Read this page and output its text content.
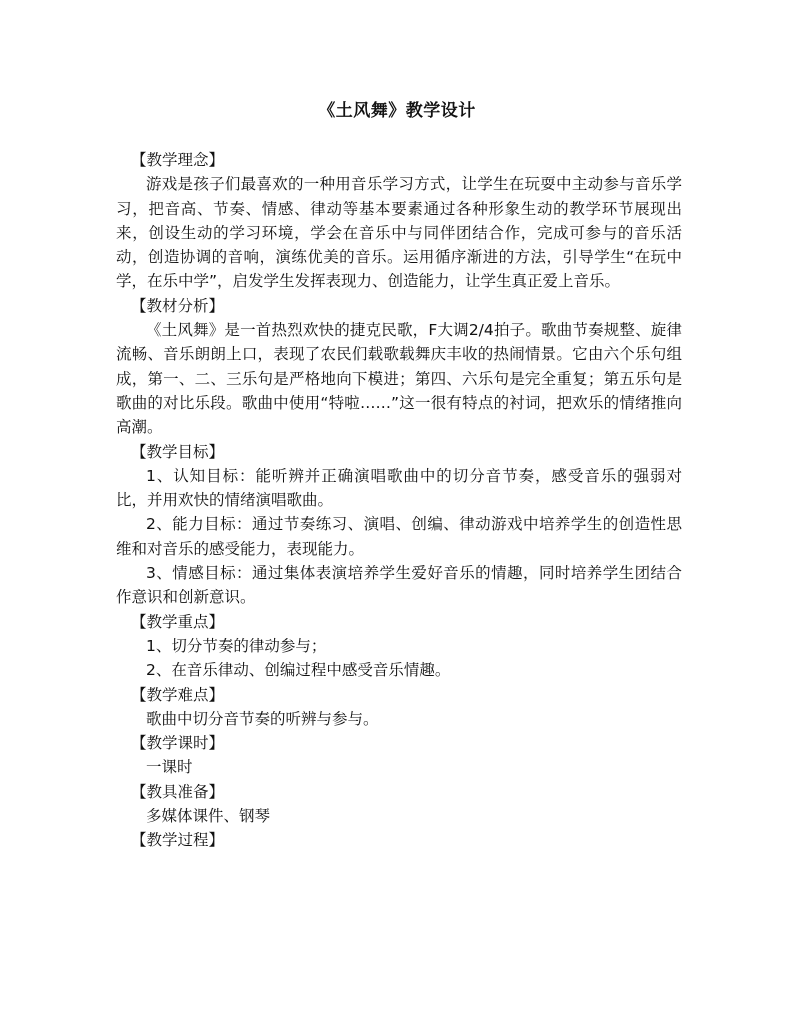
《土风舞》教学设计

【教学理念】

游戏是孩子们最喜欢的一种用音乐学习方式，让学生在玩耍中主动参与音乐学习，把音高、节奏、情感、律动等基本要素通过各种形象生动的教学环节展现出来，创设生动的学习环境，学会在音乐中与同伴团结合作，完成可参与的音乐活动，创造协调的音响，演练优美的音乐。运用循序渐进的方法，引导学生“在玩中学，在乐中学”，启发学生发挥表现力、创造能力，让学生真正爱上音乐。

【教材分析】

《土风舞》是一首热烈欢快的捷克民歌，F大调2/4拍子。歌曲节奏规整、旋律流畅、音乐朗朗上口，表现了农民们载歌载舞庆丰收的热闹情景。它由六个乐句组成，第一、二、三乐句是严格地向下模进；第四、六乐句是完全重复；第五乐句是歌曲的对比乐段。歌曲中使用“特啦……”这一很有特点的衬词，把欢乐的情绪推向高潮。

【教学目标】

1、认知目标：能听辨并正确演唱歌曲中的切分音节奏，感受音乐的强弱对比，并用欢快的情绪演唱歌曲。

2、能力目标：通过节奏练习、演唱、创编、律动游戏中培养学生的创造性思维和对音乐的感受能力，表现能力。

3、情感目标：通过集体表演培养学生爱好音乐的情趣，同时培养学生团结合作意识和创新意识。

【教学重点】

1、切分节奏的律动参与；

2、在音乐律动、创编过程中感受音乐情趣。

【教学难点】

歌曲中切分音节奏的听辨与参与。

【教学课时】

一课时

【教具准备】

多媒体课件、钢琴

【教学过程】
